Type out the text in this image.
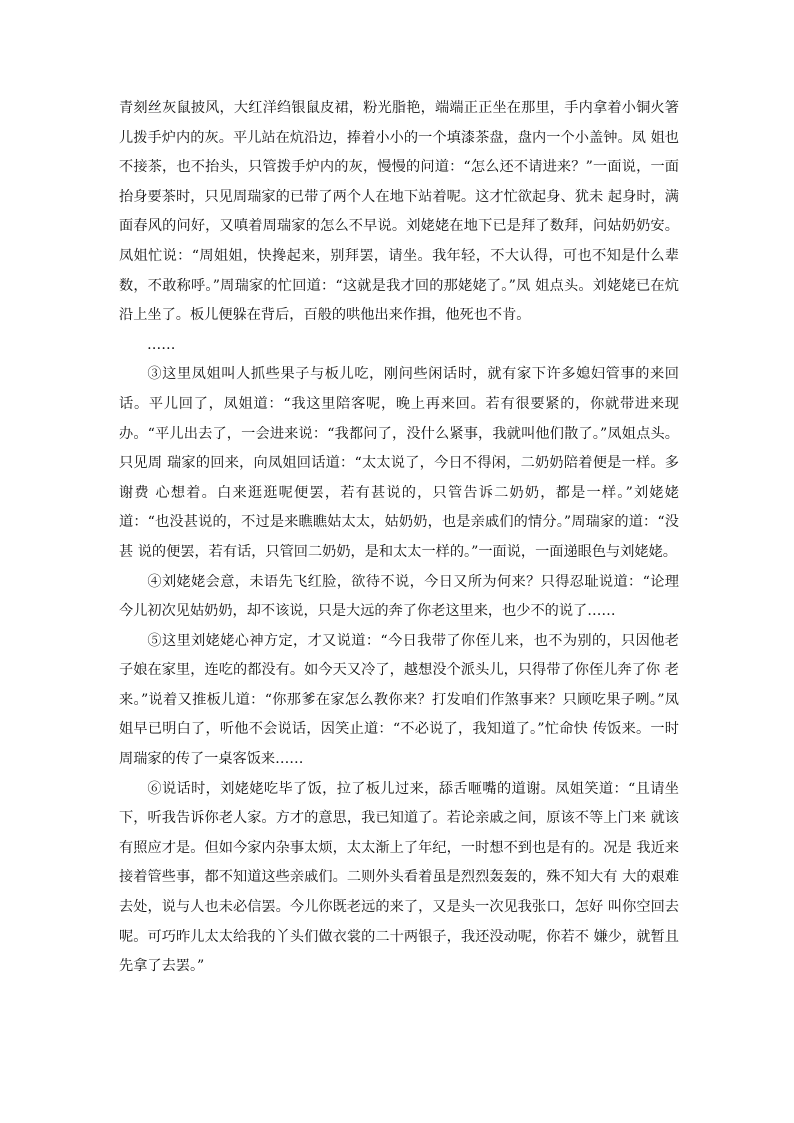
青刻丝灰鼠披风，大红洋绉银鼠皮裙，粉光脂艳，端端正正坐在那里，手内拿着小铜火箸儿拨手炉内的灰。平儿站在炕沿边，捧着小小的一个填漆茶盘，盘内一个小盖钟。凤 姐也不接茶，也不抬头，只管拨手炉内的灰，慢慢的问道：“怎么还不请进来？”一面说，一面抬身要茶时，只见周瑞家的已带了两个人在地下站着呢。这才忙欲起身、犹未 起身时，满面春风的问好，又嗔着周瑞家的怎么不早说。刘姥姥在地下已是拜了数拜，问姑奶奶安。凤姐忙说：“周姐姐，快搀起来，别拜罢，请坐。我年轻，不大认得，可也不知是什么辈数，不敢称呼。”周瑞家的忙回道：“这就是我才回的那姥姥了。”凤 姐点头。刘姥姥已在炕沿上坐了。板儿便躲在背后，百般的哄他出来作揖，他死也不肯。

……

③这里凤姐叫人抓些果子与板儿吃，刚问些闲话时，就有家下许多媳妇管事的来回话。平儿回了，凤姐道：“我这里陪客呢，晚上再来回。若有很要紧的，你就带进来现办。“平儿出去了，一会进来说：“我都问了，没什么紧事，我就叫他们散了。”凤姐点头。只见周 瑞家的回来，向凤姐回话道：“太太说了，今日不得闲，二奶奶陪着便是一样。多谢费 心想着。白来逛逛呢便罢，若有甚说的，只管告诉二奶奶，都是一样。”刘姥姥道：“也没甚说的，不过是来瞧瞧姑太太，姑奶奶，也是亲戚们的情分。”周瑞家的道：“没甚 说的便罢，若有话，只管回二奶奶，是和太太一样的。”一面说，一面递眼色与刘姥姥。

④刘姥姥会意，未语先飞红脸，欲待不说，今日又所为何来？只得忍耻说道：“论理今儿初次见姑奶奶，却不该说，只是大远的奔了你老这里来，也少不的说了……

⑤这里刘姥姥心神方定，才又说道：“今日我带了你侄儿来，也不为别的，只因他老子娘在家里，连吃的都没有。如今天又冷了，越想没个派头儿，只得带了你侄儿奔了你 老来。”说着又推板儿道：“你那爹在家怎么教你来？打发咱们作煞事来？只顾吃果子咧。”凤姐早已明白了，听他不会说话，因笑止道：“不必说了，我知道了。”忙命快 传饭来。一时周瑞家的传了一桌客饭来……

⑥说话时，刘姥姥吃毕了饭，拉了板儿过来，舔舌咂嘴的道谢。凤姐笑道：“且请坐下，听我告诉你老人家。方才的意思，我已知道了。若论亲戚之间，原该不等上门来 就该有照应才是。但如今家内杂事太烦，太太渐上了年纪，一时想不到也是有的。况是 我近来接着管些事，都不知道这些亲戚们。二则外头看着虽是烈烈轰轰的，殊不知大有 大的艰难去处，说与人也未必信罢。今儿你既老远的来了，又是头一次见我张口，怎好 叫你空回去呢。可巧昨儿太太给我的丫头们做衣裳的二十两银子，我还没动呢，你若不 嫌少，就暂且先拿了去罢。”
